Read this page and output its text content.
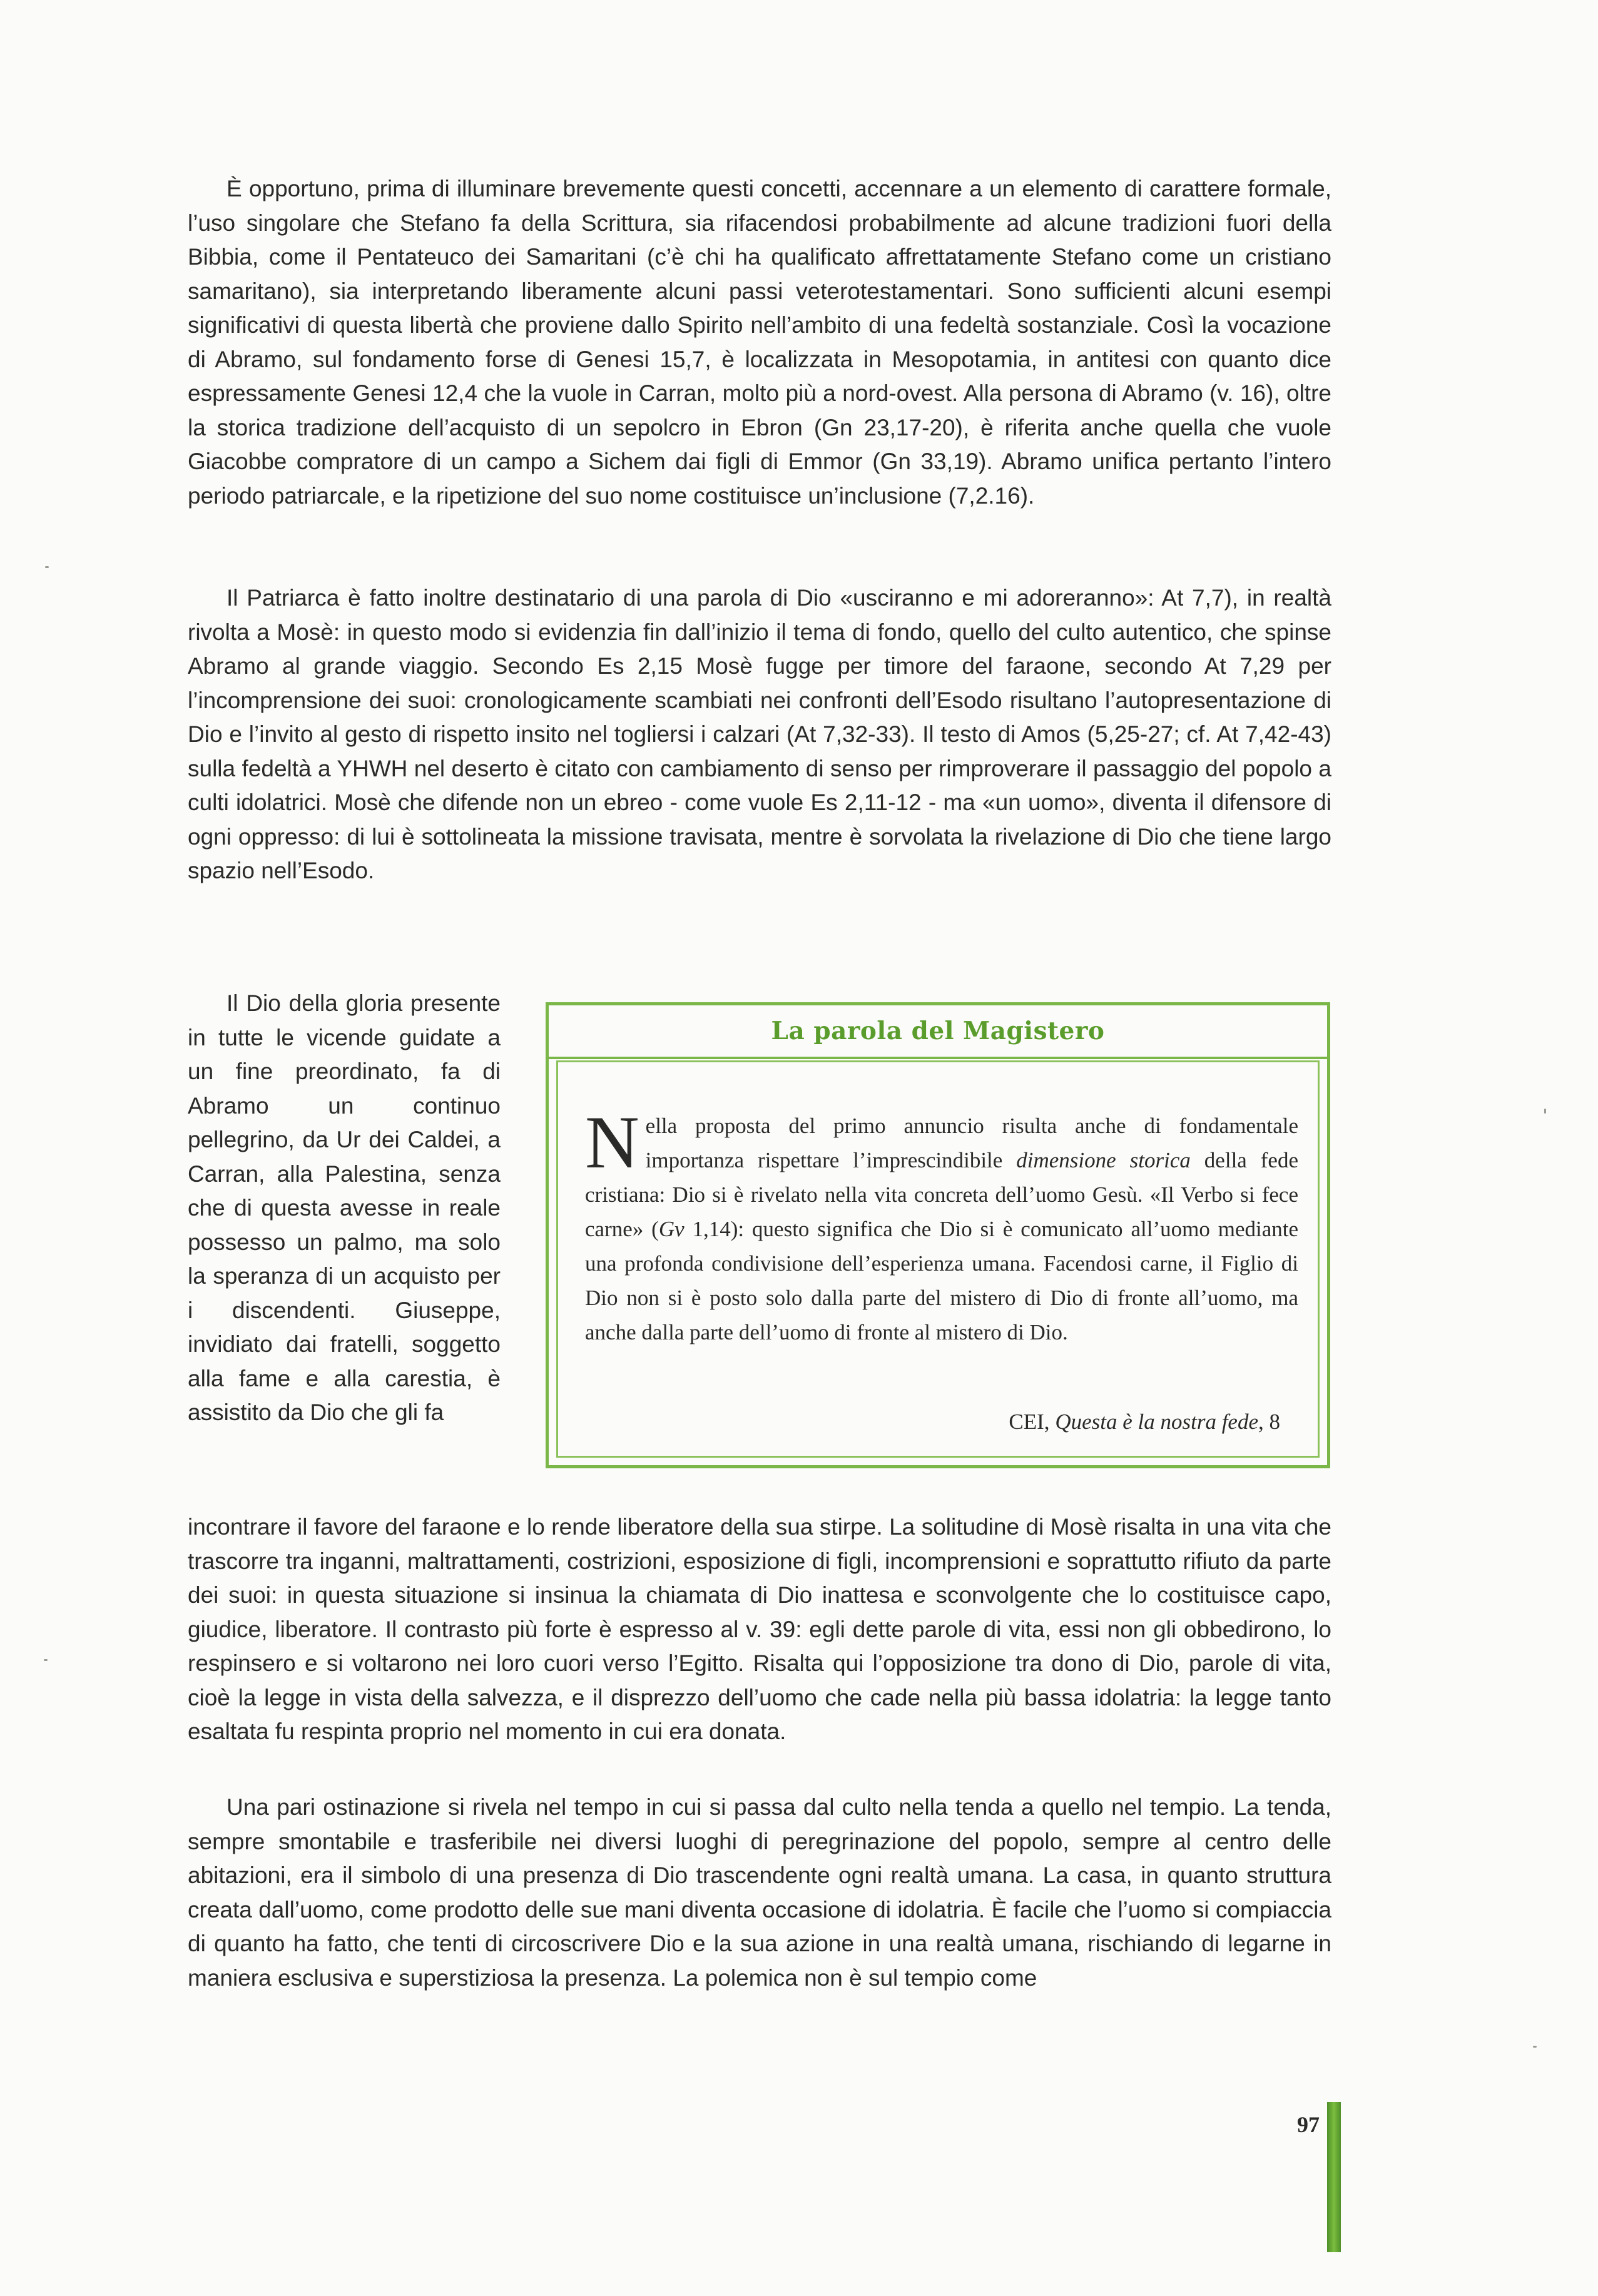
È opportuno, prima di illuminare brevemente questi concetti, accennare a un elemento di carattere formale, l’uso singolare che Stefano fa della Scrittura, sia rifacendosi probabilmente ad alcune tradizioni fuori della Bibbia, come il Pentateuco dei Samaritani (c’è chi ha qualificato affrettatamente Stefano come un cristiano samaritano), sia interpretando liberamente alcuni passi veterotestamentari. Sono sufficienti alcuni esempi significativi di questa libertà che proviene dallo Spirito nell’ambito di una fedeltà sostanziale. Così la vocazione di Abramo, sul fondamento forse di Genesi 15,7, è localizzata in Mesopotamia, in antitesi con quanto dice espressamente Genesi 12,4 che la vuole in Carran, molto più a nord-ovest. Alla persona di Abramo (v. 16), oltre la storica tradizione dell’acquisto di un sepolcro in Ebron (Gn 23,17-20), è riferita anche quella che vuole Giacobbe compratore di un campo a Sichem dai figli di Emmor (Gn 33,19). Abramo unifica pertanto l’intero periodo patriarcale, e la ripetizione del suo nome costituisce un’inclusione (7,2.16).

Il Patriarca è fatto inoltre destinatario di una parola di Dio «usciranno e mi adoreranno»: At 7,7), in realtà rivolta a Mosè: in questo modo si evidenzia fin dall’inizio il tema di fondo, quello del culto autentico, che spinse Abramo al grande viaggio. Secondo Es 2,15 Mosè fugge per timore del faraone, secondo At 7,29 per l’incomprensione dei suoi: cronologicamente scambiati nei confronti dell’Esodo risultano l’autopresentazione di Dio e l’invito al gesto di rispetto insito nel togliersi i calzari (At 7,32-33). Il testo di Amos (5,25-27; cf. At 7,42-43) sulla fedeltà a YHWH nel deserto è citato con cambiamento di senso per rimproverare il passaggio del popolo a culti idolatrici. Mosè che difende non un ebreo - come vuole Es 2,11-12 - ma «un uomo», diventa il difensore di ogni oppresso: di lui è sottolineata la missione travisata, mentre è sorvolata la rivelazione di Dio che tiene largo spazio nell’Esodo.

Il Dio della gloria presente in tutte le vicende guidate a un fine preordinato, fa di Abramo un continuo pellegrino, da Ur dei Caldei, a Carran, alla Palestina, senza che di questa avesse in reale possesso un palmo, ma solo la speranza di un acquisto per i discendenti. Giuseppe, invidiato dai fratelli, soggetto alla fame e alla carestia, è assistito da Dio che gli fa

La parola del Magistero

Nella proposta del primo annuncio risulta anche di fondamentale importanza rispettare l’imprescindibile dimensione storica della fede cristiana: Dio si è rivelato nella vita concreta dell’uomo Gesù. «Il Verbo si fece carne» (Gv 1,14): questo significa che Dio si è comunicato all’uomo mediante una profonda condivisione dell’esperienza umana. Facendosi carne, il Figlio di Dio non si è posto solo dalla parte del mistero di Dio di fronte all’uomo, ma anche dalla parte dell’uomo di fronte al mistero di Dio.

CEI, Questa è la nostra fede, 8

incontrare il favore del faraone e lo rende liberatore della sua stirpe. La solitudine di Mosè risalta in una vita che trascorre tra inganni, maltrattamenti, costrizioni, esposizione di figli, incomprensioni e soprattutto rifiuto da parte dei suoi: in questa situazione si insinua la chiamata di Dio inattesa e sconvolgente che lo costituisce capo, giudice, liberatore. Il contrasto più forte è espresso al v. 39: egli dette parole di vita, essi non gli obbedirono, lo respinsero e si voltarono nei loro cuori verso l’Egitto. Risalta qui l’opposizione tra dono di Dio, parole di vita, cioè la legge in vista della salvezza, e il disprezzo dell’uomo che cade nella più bassa idolatria: la legge tanto esaltata fu respinta proprio nel momento in cui era donata.

Una pari ostinazione si rivela nel tempo in cui si passa dal culto nella tenda a quello nel tempio. La tenda, sempre smontabile e trasferibile nei diversi luoghi di peregrinazione del popolo, sempre al centro delle abitazioni, era il simbolo di una presenza di Dio trascendente ogni realtà umana. La casa, in quanto struttura creata dall’uomo, come prodotto delle sue mani diventa occasione di idolatria. È facile che l’uomo si compiaccia di quanto ha fatto, che tenti di circoscrivere Dio e la sua azione in una realtà umana, rischiando di legarne in maniera esclusiva e superstiziosa la presenza. La polemica non è sul tempio come

97
